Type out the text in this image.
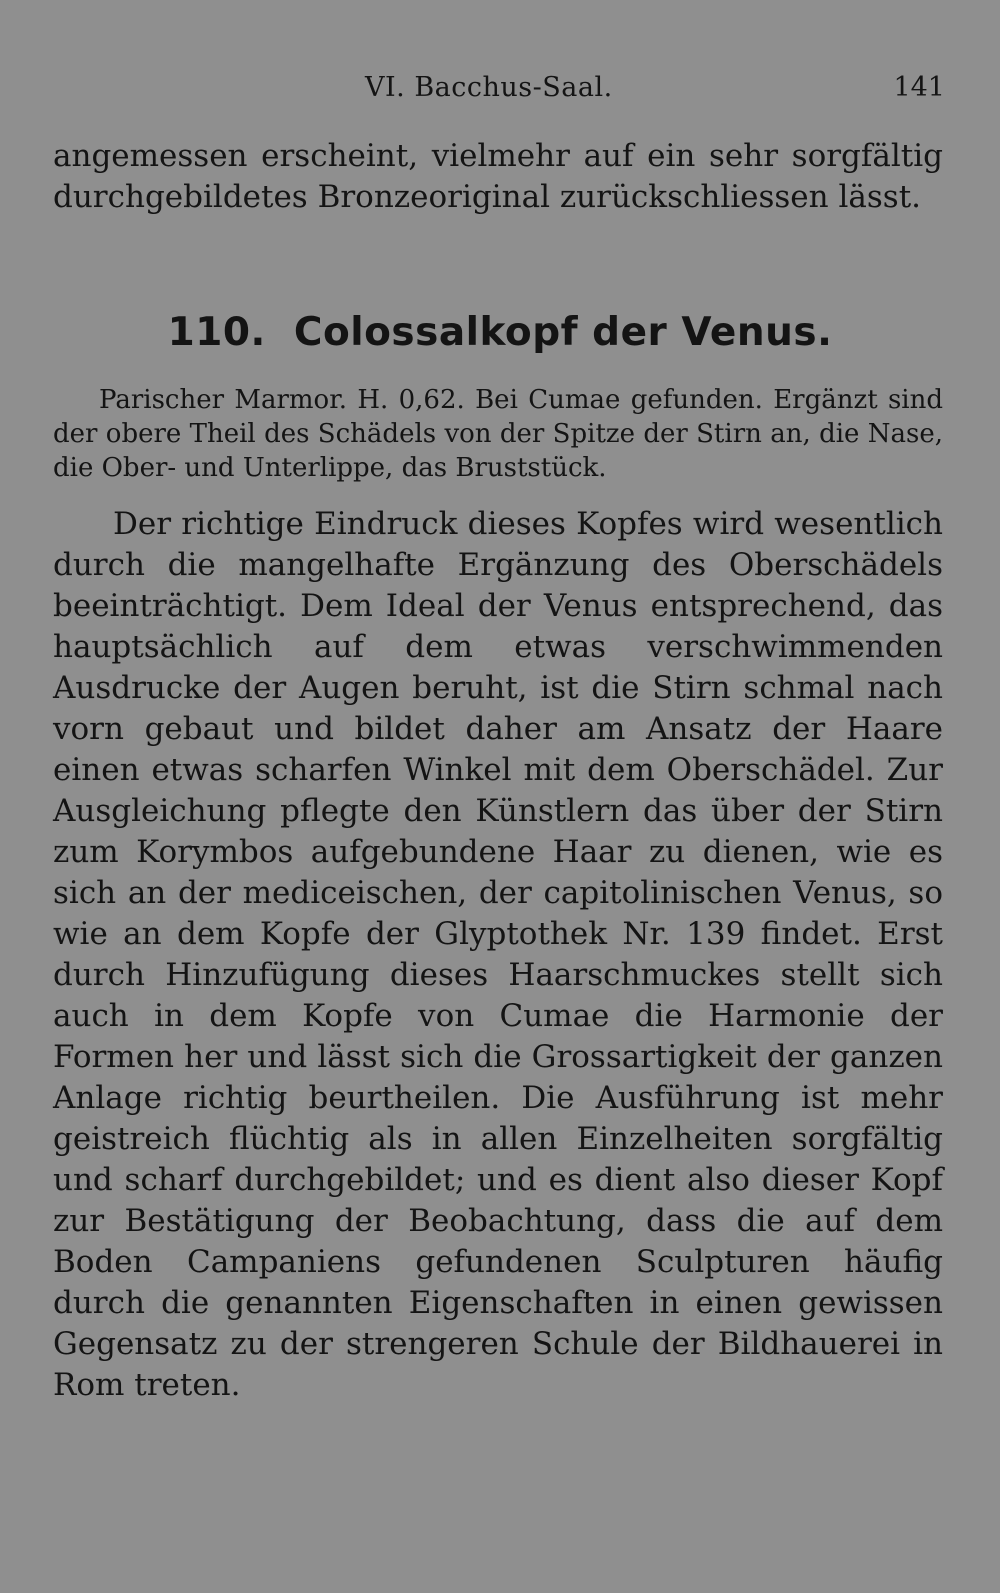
VI. Bacchus-Saal.	141
angemessen erscheint, vielmehr auf ein sehr sorgfältig durchgebildetes Bronzeoriginal zurückschliessen lässt.
110. Colossalkopf der Venus.
Parischer Marmor. H. 0,62. Bei Cumae gefunden. Ergänzt sind der obere Theil des Schädels von der Spitze der Stirn an, die Nase, die Ober- und Unterlippe, das Bruststück.
Der richtige Eindruck dieses Kopfes wird wesentlich durch die mangelhafte Ergänzung des Oberschädels beeinträchtigt. Dem Ideal der Venus entsprechend, das hauptsächlich auf dem etwas verschwimmenden Ausdrucke der Augen beruht, ist die Stirn schmal nach vorn gebaut und bildet daher am Ansatz der Haare einen etwas scharfen Winkel mit dem Oberschädel. Zur Ausgleichung pflegte den Künstlern das über der Stirn zum Korymbos aufgebundene Haar zu dienen, wie es sich an der mediceischen, der capitolinischen Venus, so wie an dem Kopfe der Glyptothek Nr. 139 findet. Erst durch Hinzufügung dieses Haarschmuckes stellt sich auch in dem Kopfe von Cumae die Harmonie der Formen her und lässt sich die Grossartigkeit der ganzen Anlage richtig beurtheilen. Die Ausführung ist mehr geistreich flüchtig als in allen Einzelheiten sorgfältig und scharf durchgebildet; und es dient also dieser Kopf zur Bestätigung der Beobachtung, dass die auf dem Boden Campaniens gefundenen Sculpturen häufig durch die genannten Eigenschaften in einen gewissen Gegensatz zu der strengeren Schule der Bildhauerei in Rom treten.
